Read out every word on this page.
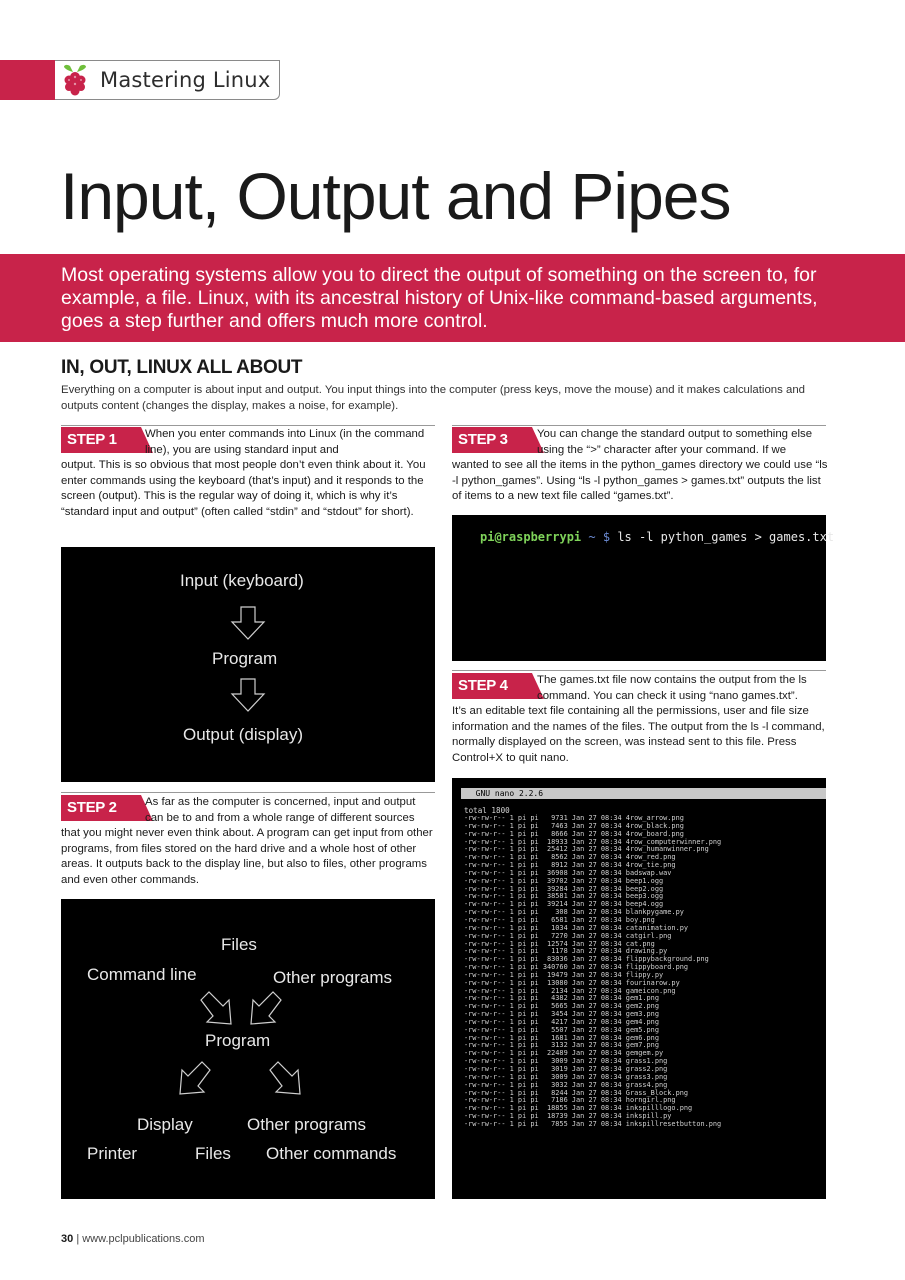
Mastering Linux
Input, Output and Pipes

Most operating systems allow you to direct the output of something on the screen to, for example, a file. Linux, with its ancestral history of Unix-like command-based arguments, goes a step further and offers much more control.

IN, OUT, LINUX ALL ABOUT
Everything on a computer is about input and output. You input things into the computer (press keys, move the mouse) and it makes calculations and outputs content (changes the display, makes a noise, for example).
STEP 1	When you enter commands into Linux (in the command line), you are using standard input and
output. This is so obvious that most people don’t even think about it. You enter commands using the keyboard (that’s input) and it responds to the screen (output). This is the regular way of doing it, which is why it’s “standard input and output” (often called “stdin” and “stdout” for short).
Input (keyboard)
Program
Output (display)
STEP 2	As far as the computer is concerned, input and output can be to and from a whole range of different sources
that you might never even think about. A program can get input from other programs, from files stored on the hard drive and a whole host of other areas. It outputs back to the display line, but also to files, other programs and even other commands.
Files
Command line	Other programs
Program
Display	Other programs
Printer	Files Other commands
STEP 3	You can change the standard output to something else using the “>” character after your command. If we
wanted to see all the items in the python_games directory we could use “ls -l python_games”. Using “ls -l python_games > games.txt” outputs the list of items to a new text file called “games.txt”.
pi@raspberrypi ~ $ ls -l python_games > games.txt
STEP 4	The games.txt file now contains the output from the ls command. You can check it using “nano games.txt”.
It’s an editable text file containing all the permissions, user and file size information and the names of the files. The output from the ls -l command, normally displayed on the screen, was instead sent to this file. Press Control+X to quit nano.
GNU nano 2.2.6
total 1800
-rw-rw-r-- 1 pi pi   9731 Jan 27 08:34 4row_arrow.png
-rw-rw-r-- 1 pi pi   7463 Jan 27 08:34 4row_black.png
-rw-rw-r-- 1 pi pi   8666 Jan 27 08:34 4row_board.png
-rw-rw-r-- 1 pi pi  18933 Jan 27 08:34 4row_computerwinner.png
-rw-rw-r-- 1 pi pi  25412 Jan 27 08:34 4row_humanwinner.png
-rw-rw-r-- 1 pi pi   8562 Jan 27 08:34 4row_red.png
-rw-rw-r-- 1 pi pi   8912 Jan 27 08:34 4row_tie.png
-rw-rw-r-- 1 pi pi  36908 Jan 27 08:34 badswap.wav
-rw-rw-r-- 1 pi pi  39702 Jan 27 08:34 beep1.ogg
-rw-rw-r-- 1 pi pi  39284 Jan 27 08:34 beep2.ogg
-rw-rw-r-- 1 pi pi  38581 Jan 27 08:34 beep3.ogg
-rw-rw-r-- 1 pi pi  39214 Jan 27 08:34 beep4.ogg
-rw-rw-r-- 1 pi pi    308 Jan 27 08:34 blankpygame.py
-rw-rw-r-- 1 pi pi   6581 Jan 27 08:34 boy.png
-rw-rw-r-- 1 pi pi   1034 Jan 27 08:34 catanimation.py
-rw-rw-r-- 1 pi pi   7270 Jan 27 08:34 catgirl.png
-rw-rw-r-- 1 pi pi  12574 Jan 27 08:34 cat.png
-rw-rw-r-- 1 pi pi   1178 Jan 27 08:34 drawing.py
-rw-rw-r-- 1 pi pi  83036 Jan 27 08:34 flippybackground.png
-rw-rw-r-- 1 pi pi 340760 Jan 27 08:34 flippyboard.png
-rw-rw-r-- 1 pi pi  19479 Jan 27 08:34 flippy.py
-rw-rw-r-- 1 pi pi  13080 Jan 27 08:34 fourinarow.py
-rw-rw-r-- 1 pi pi   2134 Jan 27 08:34 gameicon.png
-rw-rw-r-- 1 pi pi   4382 Jan 27 08:34 gem1.png
-rw-rw-r-- 1 pi pi   5665 Jan 27 08:34 gem2.png
-rw-rw-r-- 1 pi pi   3454 Jan 27 08:34 gem3.png
-rw-rw-r-- 1 pi pi   4217 Jan 27 08:34 gem4.png
-rw-rw-r-- 1 pi pi   5507 Jan 27 08:34 gem5.png
-rw-rw-r-- 1 pi pi   1681 Jan 27 08:34 gem6.png
-rw-rw-r-- 1 pi pi   3132 Jan 27 08:34 gem7.png
-rw-rw-r-- 1 pi pi  22489 Jan 27 08:34 gemgem.py
-rw-rw-r-- 1 pi pi   3009 Jan 27 08:34 grass1.png
-rw-rw-r-- 1 pi pi   3019 Jan 27 08:34 grass2.png
-rw-rw-r-- 1 pi pi   3009 Jan 27 08:34 grass3.png
-rw-rw-r-- 1 pi pi   3032 Jan 27 08:34 grass4.png
-rw-rw-r-- 1 pi pi   8244 Jan 27 08:34 Grass_Block.png
-rw-rw-r-- 1 pi pi   7186 Jan 27 08:34 horngirl.png
-rw-rw-r-- 1 pi pi  18855 Jan 27 08:34 inkspilllogo.png
-rw-rw-r-- 1 pi pi  18739 Jan 27 08:34 inkspill.py
-rw-rw-r-- 1 pi pi   7855 Jan 27 08:34 inkspillresetbutton.png
30 | www.pclpublications.com
